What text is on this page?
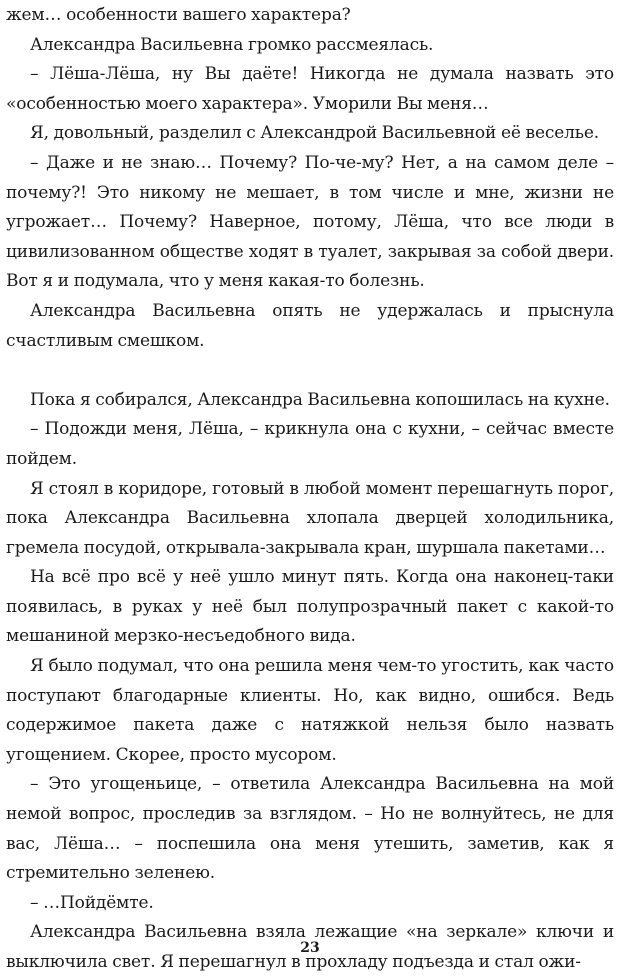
жем… особенности вашего характера?

Александра Васильевна громко рассмеялась.

– Лёша-Лёша, ну Вы даёте! Никогда не думала назвать это «особенностью моего характера». Уморили Вы меня…

Я, довольный, разделил с Александрой Васильевной её веселье.

– Даже и не знаю… Почему? По-че-му? Нет, а на самом деле – почему?! Это никому не мешает, в том числе и мне, жизни не угрожает… Почему? Наверное, потому, Лёша, что все люди в цивилизованном обществе ходят в туалет, закрывая за собой двери. Вот я и подумала, что у меня какая-то болезнь.

Александра Васильевна опять не удержалась и прыснула счастливым смешком.

Пока я собирался, Александра Васильевна копошилась на кухне.

– Подожди меня, Лёша, – крикнула она с кухни, – сейчас вместе пойдем.

Я стоял в коридоре, готовый в любой момент перешагнуть порог, пока Александра Васильевна хлопала дверцей холодильника, гремела посудой, открывала-закрывала кран, шуршала пакетами…

На всё про всё у неё ушло минут пять. Когда она наконец-таки появилась, в руках у неё был полупрозрачный пакет с какой-то мешаниной мерзко-несъедобного вида.

Я было подумал, что она решила меня чем-то угостить, как часто поступают благодарные клиенты. Но, как видно, ошибся. Ведь содержимое пакета даже с натяжкой нельзя было назвать угощением. Скорее, просто мусором.

– Это угощеньице, – ответила Александра Васильевна на мой немой вопрос, проследив за взглядом. – Но не волнуйтесь, не для вас, Лёша… – поспешила она меня утешить, заметив, как я стремительно зеленею.

– …Пойдёмте.

Александра Васильевна взяла лежащие «на зеркале» ключи и выключила свет. Я перешагнул в прохладу подъезда и стал ожи-

23
